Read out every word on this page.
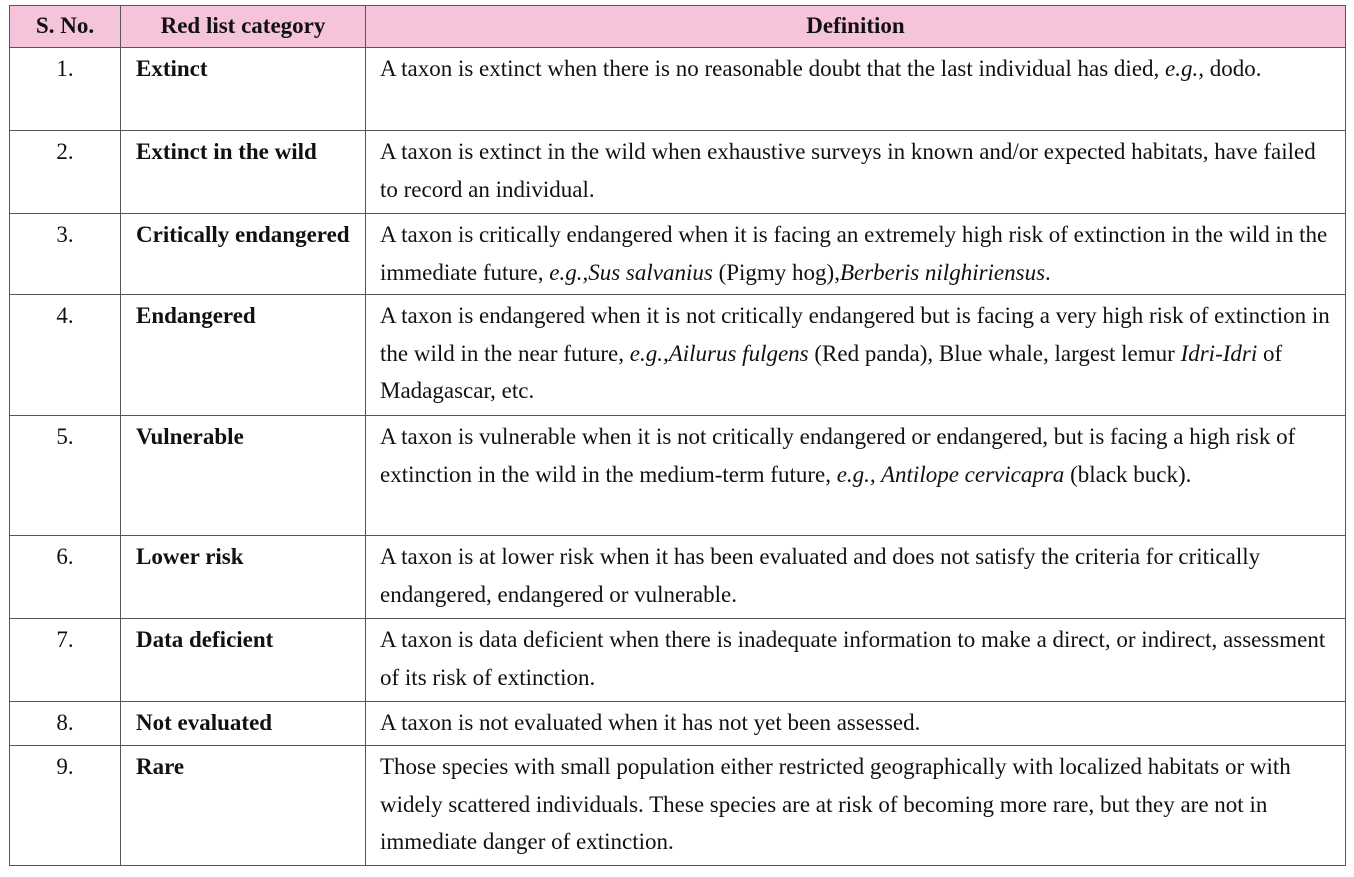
S. No.	Red list category	Definition
1.	Extinct	A taxon is extinct when there is no reasonable doubt that the last individual has died, e.g., dodo.
2.	Extinct in the wild	A taxon is extinct in the wild when exhaustive surveys in known and/or expected habitats, have failed to record an individual.
3.	Critically endangered	A taxon is critically endangered when it is facing an extremely high risk of extinction in the wild in the immediate future, e.g.,Sus salvanius (Pigmy hog),Berberis nilghiriensus.
4.	Endangered	A taxon is endangered when it is not critically endangered but is facing a very high risk of extinction in the wild in the near future, e.g.,Ailurus fulgens (Red panda), Blue whale, largest lemur Idri-Idri of Madagascar, etc.
5.	Vulnerable	A taxon is vulnerable when it is not critically endangered or endangered, but is facing a high risk of extinction in the wild in the medium-term future, e.g., Antilope cervicapra (black buck).
6.	Lower risk	A taxon is at lower risk when it has been evaluated and does not satisfy the criteria for critically endangered, endangered or vulnerable.
7.	Data deficient	A taxon is data deficient when there is inadequate information to make a direct, or indirect, assessment of its risk of extinction.
8.	Not evaluated	A taxon is not evaluated when it has not yet been assessed.
9.	Rare	Those species with small population either restricted geographically with localized habitats or with widely scattered individuals. These species are at risk of becoming more rare, but they are not in immediate danger of extinction.
